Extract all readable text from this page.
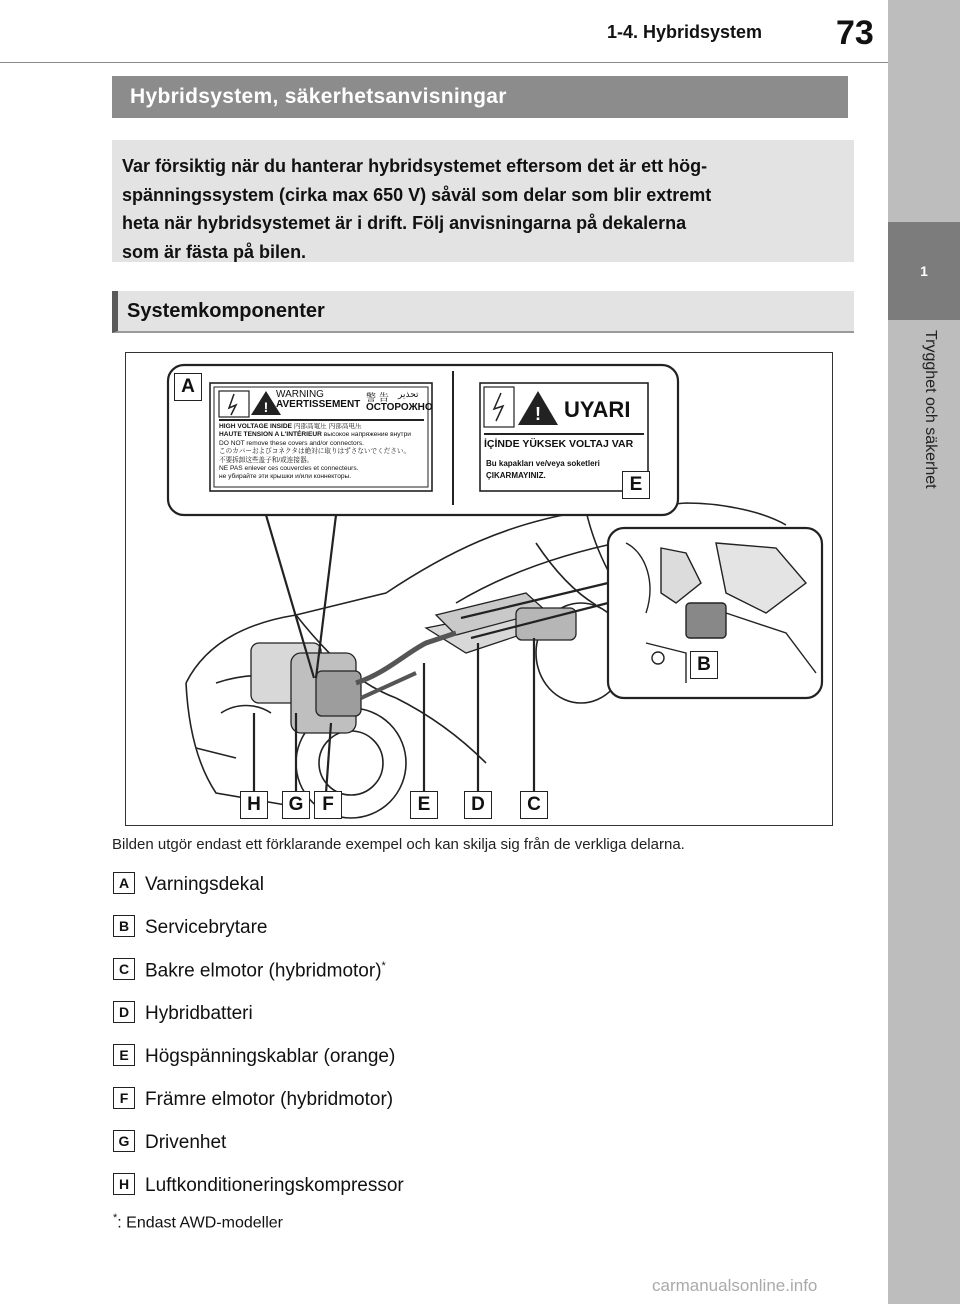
1-4. Hybridsystem 73
1
Trygghet och säkerhet
Hybridsystem, säkerhetsanvisningar
Var försiktig när du hanterar hybridsystemet eftersom det är ett hög-
spänningssystem (cirka max 650 V) såväl som delar som blir extremt
heta när hybridsystemet är i drift. Följ anvisningarna på dekalerna
som är fästa på bilen.
Systemkomponenter
!	!
WARNING
AVERTISSEMENT
警 告 تحذير
ОСТОРОЖНО
HIGH VOLTAGE INSIDE 内部高電圧 内部高电压
HAUTE TENSION A L'INTÉRIEUR высокое напряжение внутри
DO NOT remove these covers and/or connectors.
このカバーおよびコネクタは絶対に取りはずさないでください。
不要拆卸这些盖子和/或连接器。
NE PAS enlever ces couvercles et connecteurs.
не убирайте эти крышки и/или коннекторы.
UYARI
İÇİNDE YÜKSEK VOLTAJ VAR
Bu kapakları ve/veya soketleri
ÇIKARMAYINIZ.
A
E
B
H	G F	E	D	C
Bilden utgör endast ett förklarande exempel och kan skilja sig från de verkliga delarna.
A Varningsdekal
B Servicebrytare
C Bakre elmotor (hybridmotor)*
D Hybridbatteri
E Högspänningskablar (orange)
F Främre elmotor (hybridmotor)
G Drivenhet
H Luftkonditioneringskompressor
*: Endast AWD-modeller
carmanualsonline.info
